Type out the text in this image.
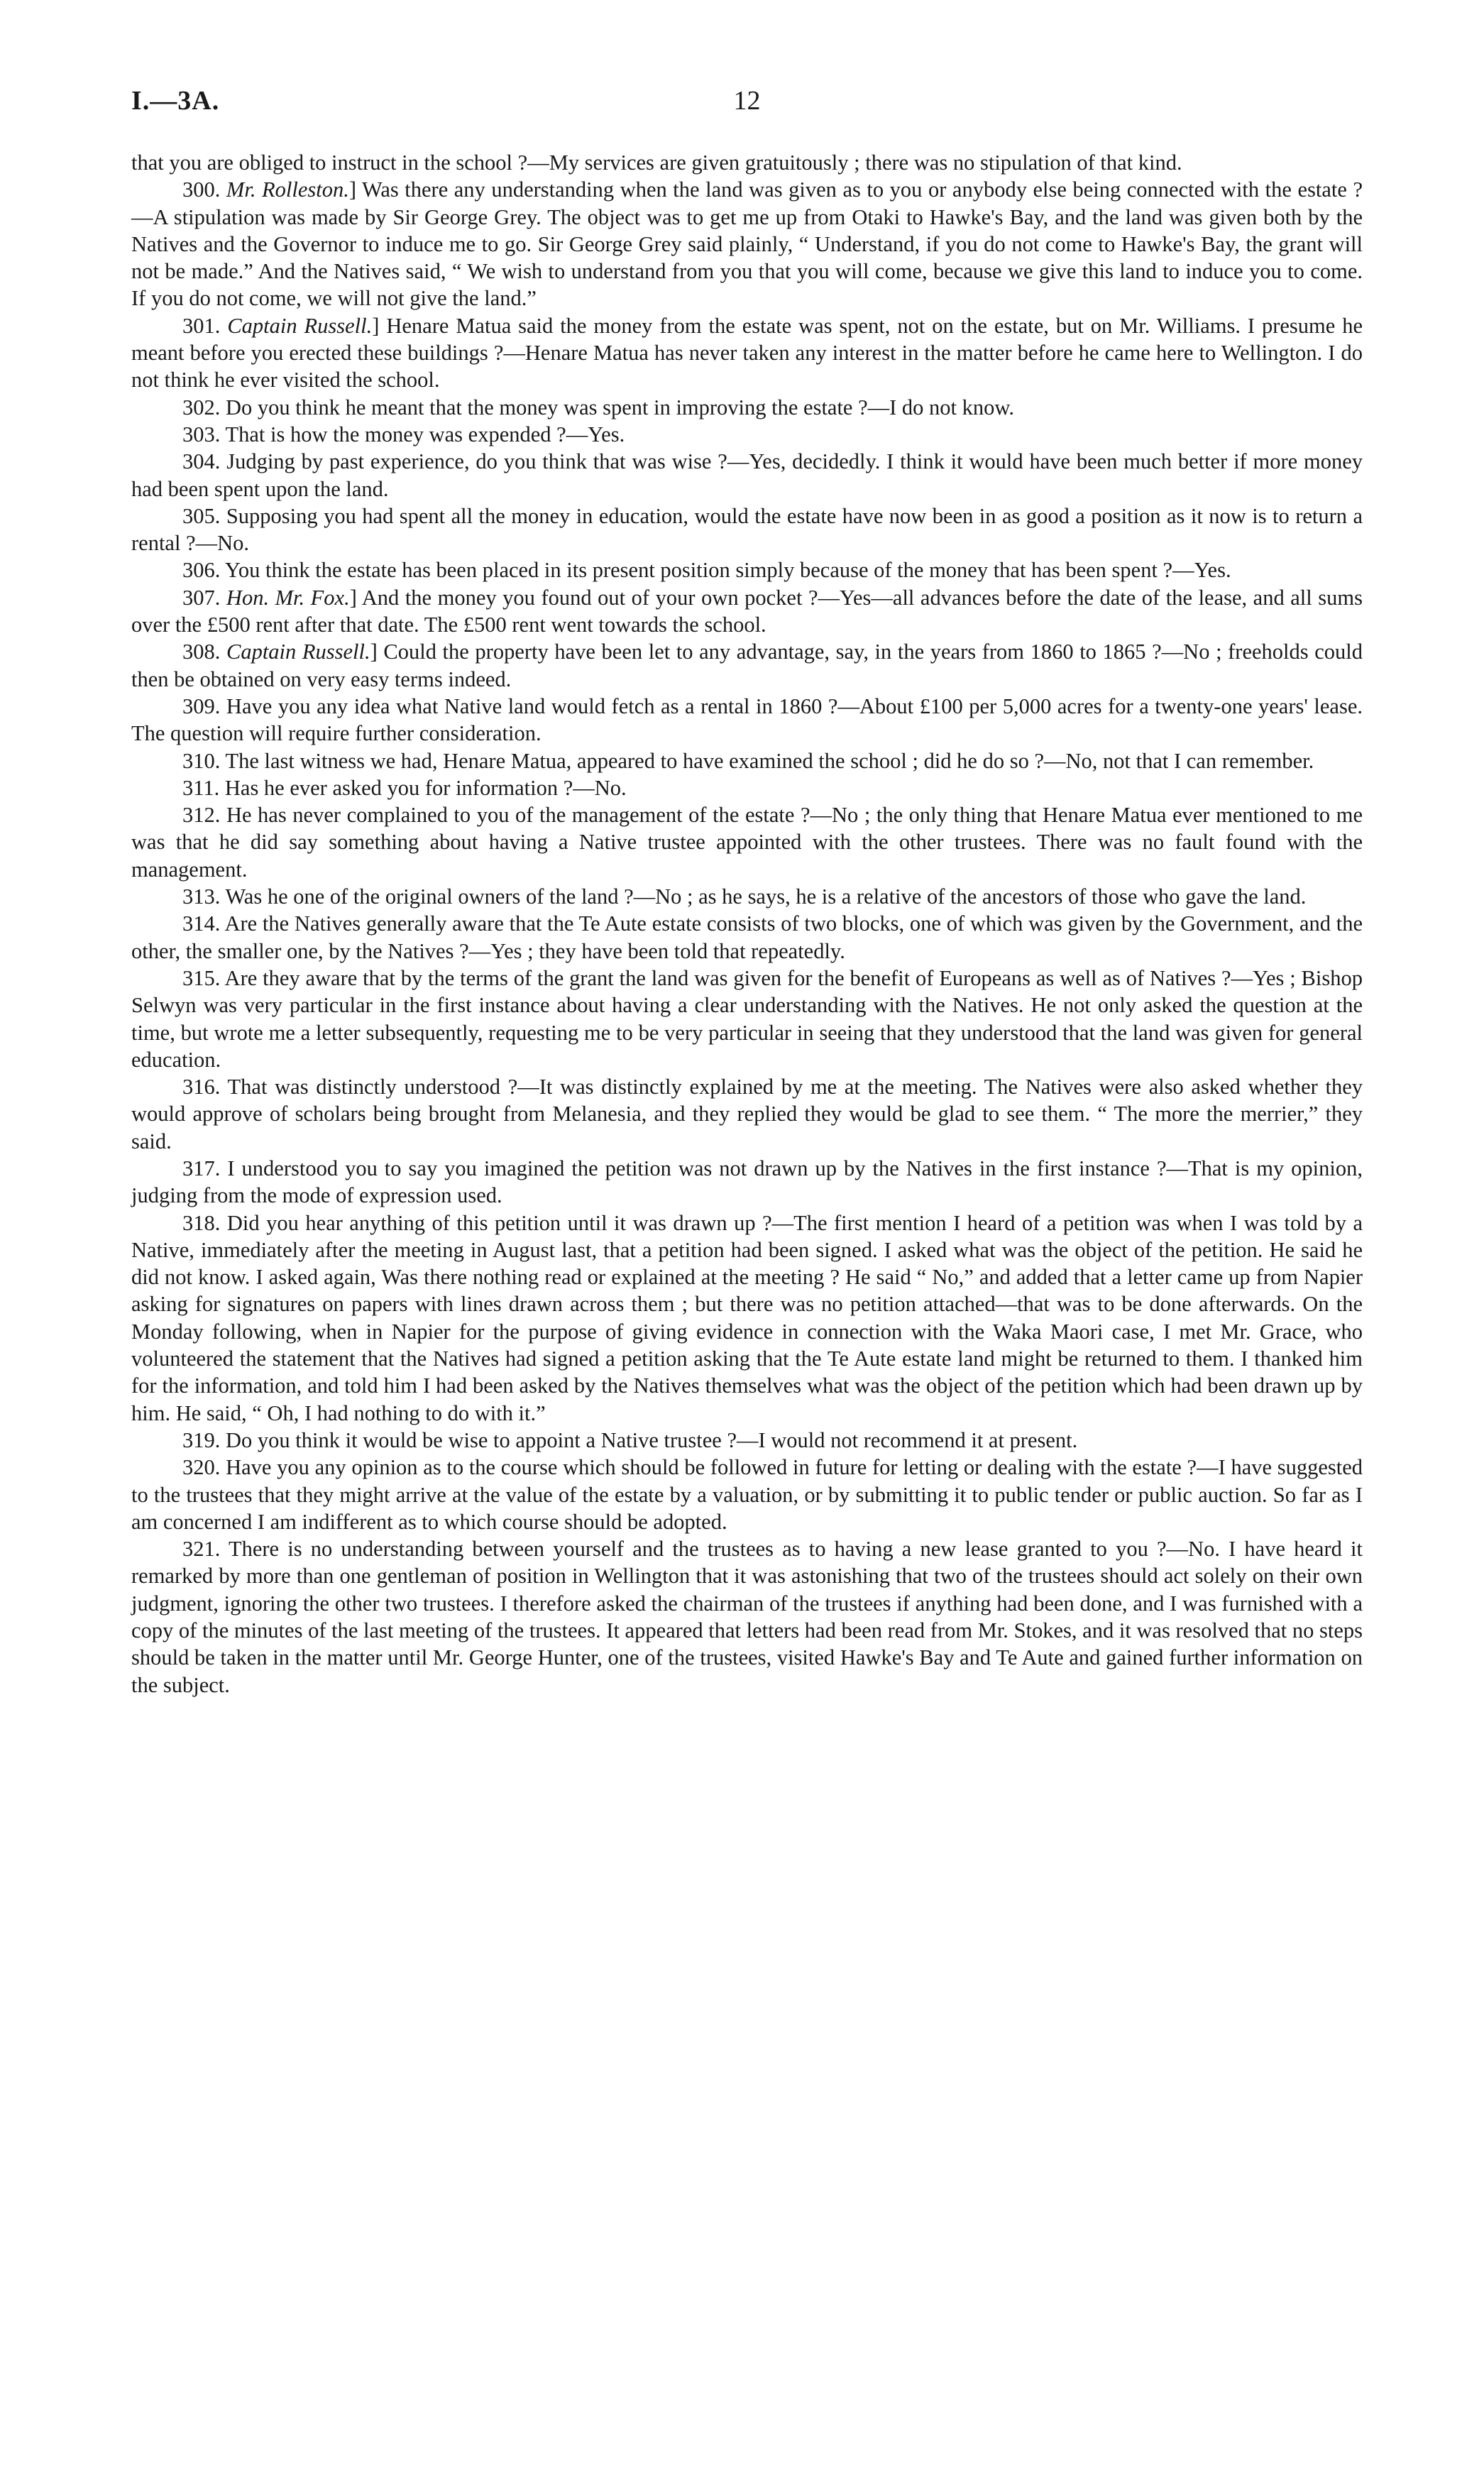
I.—3A.	12

that you are obliged to instruct in the school ?—My services are given gratuitously ; there was no stipulation of that kind.

300. Mr. Rolleston.] Was there any understanding when the land was given as to you or anybody else being connected with the estate ?—A stipulation was made by Sir George Grey. The object was to get me up from Otaki to Hawke's Bay, and the land was given both by the Natives and the Governor to induce me to go. Sir George Grey said plainly, “ Understand, if you do not come to Hawke's Bay, the grant will not be made.” And the Natives said, “ We wish to understand from you that you will come, because we give this land to induce you to come. If you do not come, we will not give the land.”

301. Captain Russell.] Henare Matua said the money from the estate was spent, not on the estate, but on Mr. Williams. I presume he meant before you erected these buildings ?—Henare Matua has never taken any interest in the matter before he came here to Wellington. I do not think he ever visited the school.

302. Do you think he meant that the money was spent in improving the estate ?—I do not know.

303. That is how the money was expended ?—Yes.

304. Judging by past experience, do you think that was wise ?—Yes, decidedly. I think it would have been much better if more money had been spent upon the land.

305. Supposing you had spent all the money in education, would the estate have now been in as good a position as it now is to return a rental ?—No.

306. You think the estate has been placed in its present position simply because of the money that has been spent ?—Yes.

307. Hon. Mr. Fox.] And the money you found out of your own pocket ?—Yes—all advances before the date of the lease, and all sums over the £500 rent after that date. The £500 rent went towards the school.

308. Captain Russell.] Could the property have been let to any advantage, say, in the years from 1860 to 1865 ?—No ; freeholds could then be obtained on very easy terms indeed.

309. Have you any idea what Native land would fetch as a rental in 1860 ?—About £100 per 5,000 acres for a twenty-one years' lease. The question will require further consideration.

310. The last witness we had, Henare Matua, appeared to have examined the school ; did he do so ?—No, not that I can remember.

311. Has he ever asked you for information ?—No.

312. He has never complained to you of the management of the estate ?—No ; the only thing that Henare Matua ever mentioned to me was that he did say something about having a Native trustee appointed with the other trustees. There was no fault found with the management.

313. Was he one of the original owners of the land ?—No ; as he says, he is a relative of the ancestors of those who gave the land.

314. Are the Natives generally aware that the Te Aute estate consists of two blocks, one of which was given by the Government, and the other, the smaller one, by the Natives ?—Yes ; they have been told that repeatedly.

315. Are they aware that by the terms of the grant the land was given for the benefit of Europeans as well as of Natives ?—Yes ; Bishop Selwyn was very particular in the first instance about having a clear understanding with the Natives. He not only asked the question at the time, but wrote me a letter subsequently, requesting me to be very particular in seeing that they understood that the land was given for general education.

316. That was distinctly understood ?—It was distinctly explained by me at the meeting. The Natives were also asked whether they would approve of scholars being brought from Melanesia, and they replied they would be glad to see them. “ The more the merrier,” they said.

317. I understood you to say you imagined the petition was not drawn up by the Natives in the first instance ?—That is my opinion, judging from the mode of expression used.

318. Did you hear anything of this petition until it was drawn up ?—The first mention I heard of a petition was when I was told by a Native, immediately after the meeting in August last, that a petition had been signed. I asked what was the object of the petition. He said he did not know. I asked again, Was there nothing read or explained at the meeting ? He said “ No,” and added that a letter came up from Napier asking for signatures on papers with lines drawn across them ; but there was no petition attached—that was to be done afterwards. On the Monday following, when in Napier for the purpose of giving evidence in connection with the Waka Maori case, I met Mr. Grace, who volunteered the statement that the Natives had signed a petition asking that the Te Aute estate land might be returned to them. I thanked him for the information, and told him I had been asked by the Natives themselves what was the object of the petition which had been drawn up by him. He said, “ Oh, I had nothing to do with it.”

319. Do you think it would be wise to appoint a Native trustee ?—I would not recommend it at present.

320. Have you any opinion as to the course which should be followed in future for letting or dealing with the estate ?—I have suggested to the trustees that they might arrive at the value of the estate by a valuation, or by submitting it to public tender or public auction. So far as I am concerned I am indifferent as to which course should be adopted.

321. There is no understanding between yourself and the trustees as to having a new lease granted to you ?—No. I have heard it remarked by more than one gentleman of position in Wellington that it was astonishing that two of the trustees should act solely on their own judgment, ignoring the other two trustees. I therefore asked the chairman of the trustees if anything had been done, and I was furnished with a copy of the minutes of the last meeting of the trustees. It appeared that letters had been read from Mr. Stokes, and it was resolved that no steps should be taken in the matter until Mr. George Hunter, one of the trustees, visited Hawke's Bay and Te Aute and gained further information on the subject.
